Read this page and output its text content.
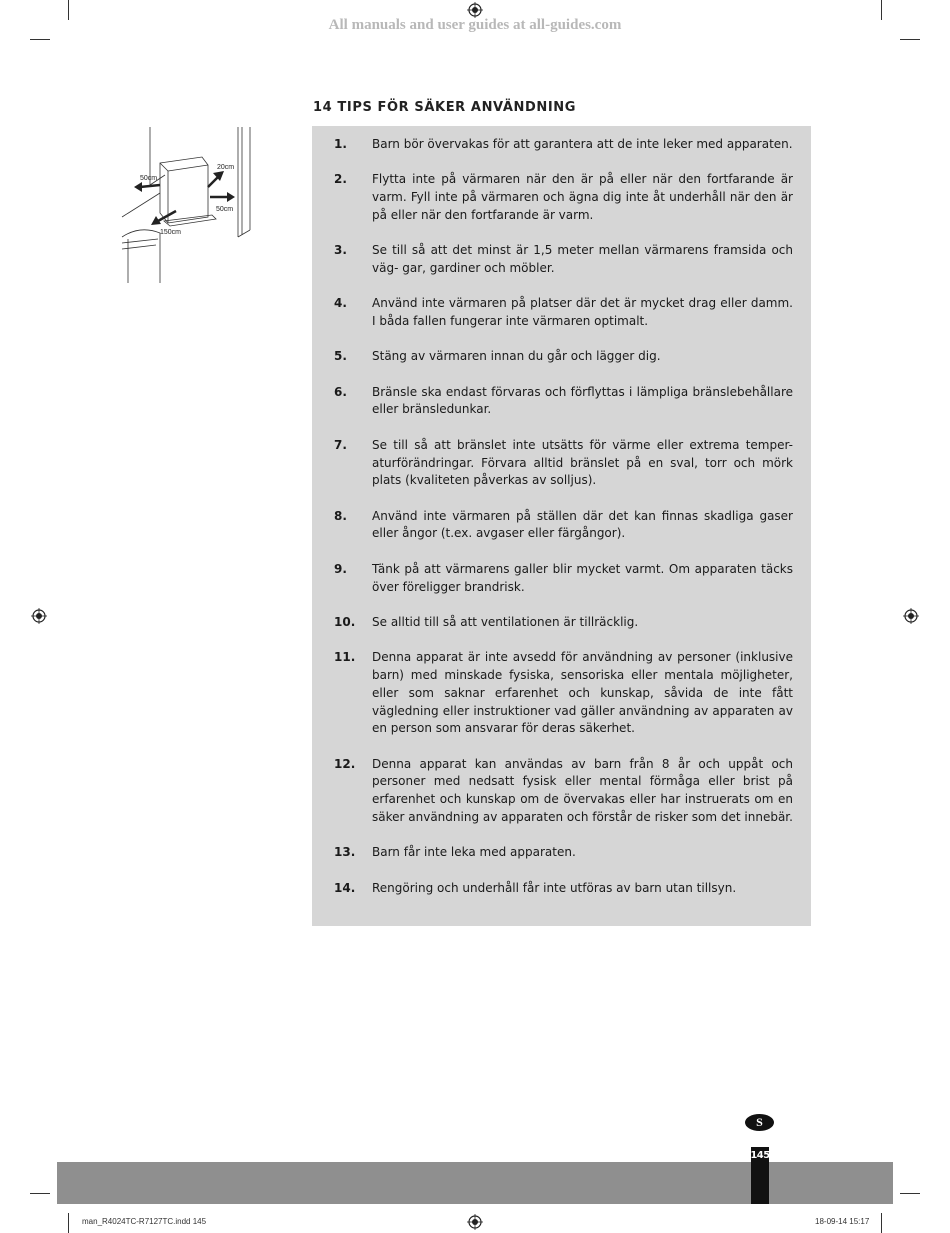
All manuals and user guides at all-guides.com
50cm
20cm
50cm
150cm
14 TIPS FÖR SÄKER ANVÄNDNING
1.	Barn bör övervakas för att garantera att de inte leker med apparaten.
2.	Flytta inte på värmaren när den är på eller när den fortfarande är varm. Fyll inte på värmaren och ägna dig inte åt underhåll när den är på eller när den fortfarande är varm.
3.	Se till så att det minst är 1,5 meter mellan värmarens framsida och väg- gar, gardiner och möbler.
4.	Använd inte värmaren på platser där det är mycket drag eller damm. I båda fallen fungerar inte värmaren optimalt.
5.	Stäng av värmaren innan du går och lägger dig.
6.	Bränsle ska endast förvaras och förflyttas i lämpliga bränslebehållare eller bränsledunkar.
7.	Se till så att bränslet inte utsätts för värme eller extrema temper- aturförändringar. Förvara alltid bränslet på en sval, torr och mörk plats (kvaliteten påverkas av solljus).
8.	Använd inte värmaren på ställen där det kan finnas skadliga gaser eller ångor (t.ex. avgaser eller färgångor).
9.	Tänk på att värmarens galler blir mycket varmt. Om apparaten täcks över föreligger brandrisk.
10.	Se alltid till så att ventilationen är tillräcklig.
11.	Denna apparat är inte avsedd för användning av personer (inklusive barn) med minskade fysiska, sensoriska eller mentala möjligheter, eller som saknar erfarenhet och kunskap, såvida de inte fått vägledning eller instruktioner vad gäller användning av apparaten av en person som ansvarar för deras säkerhet.
12.	Denna apparat kan användas av barn från 8 år och uppåt och personer med nedsatt fysisk eller mental förmåga eller brist på erfarenhet och kunskap om de övervakas eller har instruerats om en säker användning av apparaten och förstår de risker som det innebär.
13.	Barn får inte leka med apparaten.
14.	Rengöring och underhåll får inte utföras av barn utan tillsyn.
S
145
man_R4024TC-R7127TC.indd 145	18-09-14 15:17
